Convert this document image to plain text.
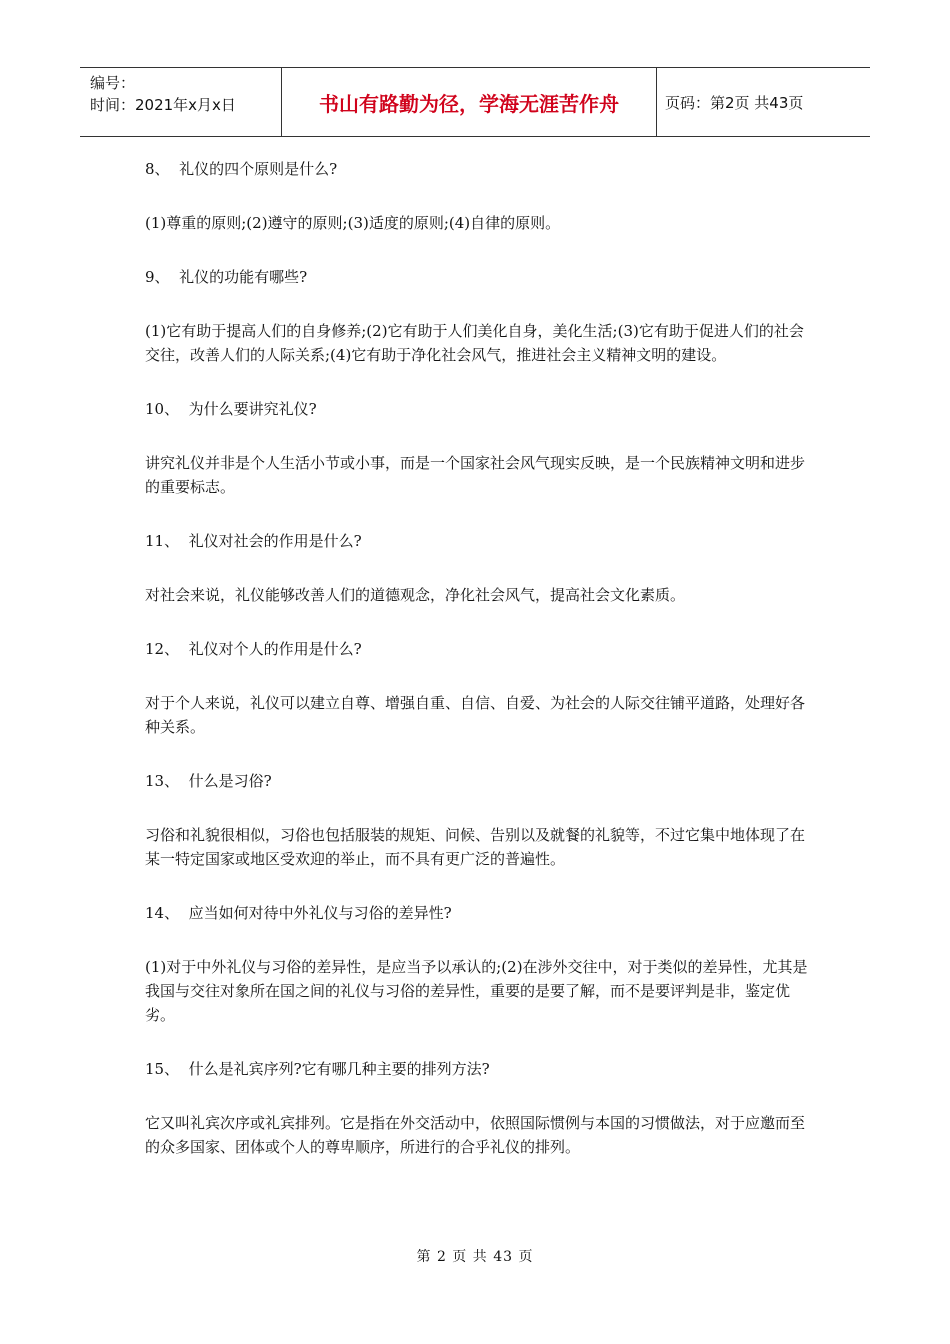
编号：
时间：2021年x月x日	书山有路勤为径，学海无涯苦作舟	页码：第2页 共43页

8、  礼仪的四个原则是什么?

(1)尊重的原则;(2)遵守的原则;(3)适度的原则;(4)自律的原则。

9、  礼仪的功能有哪些?

(1)它有助于提高人们的自身修养;(2)它有助于人们美化自身，美化生活;(3)它有助于促进人们的社会交往，改善人们的人际关系;(4)它有助于净化社会风气，推进社会主义精神文明的建设。

10、  为什么要讲究礼仪?

讲究礼仪并非是个人生活小节或小事，而是一个国家社会风气现实反映，是一个民族精神文明和进步的重要标志。

11、  礼仪对社会的作用是什么?

对社会来说，礼仪能够改善人们的道德观念，净化社会风气，提高社会文化素质。

12、  礼仪对个人的作用是什么?

对于个人来说，礼仪可以建立自尊、增强自重、自信、自爱、为社会的人际交往铺平道路，处理好各种关系。

13、  什么是习俗?

习俗和礼貌很相似，习俗也包括服装的规矩、问候、告别以及就餐的礼貌等，不过它集中地体现了在某一特定国家或地区受欢迎的举止，而不具有更广泛的普遍性。

14、  应当如何对待中外礼仪与习俗的差异性?

(1)对于中外礼仪与习俗的差异性，是应当予以承认的;(2)在涉外交往中，对于类似的差异性，尤其是我国与交往对象所在国之间的礼仪与习俗的差异性，重要的是要了解，而不是要评判是非，鉴定优劣。

15、  什么是礼宾序列?它有哪几种主要的排列方法?

它又叫礼宾次序或礼宾排列。它是指在外交活动中，依照国际惯例与本国的习惯做法，对于应邀而至的众多国家、团体或个人的尊卑顺序，所进行的合乎礼仪的排列。

第 2 页 共 43 页
